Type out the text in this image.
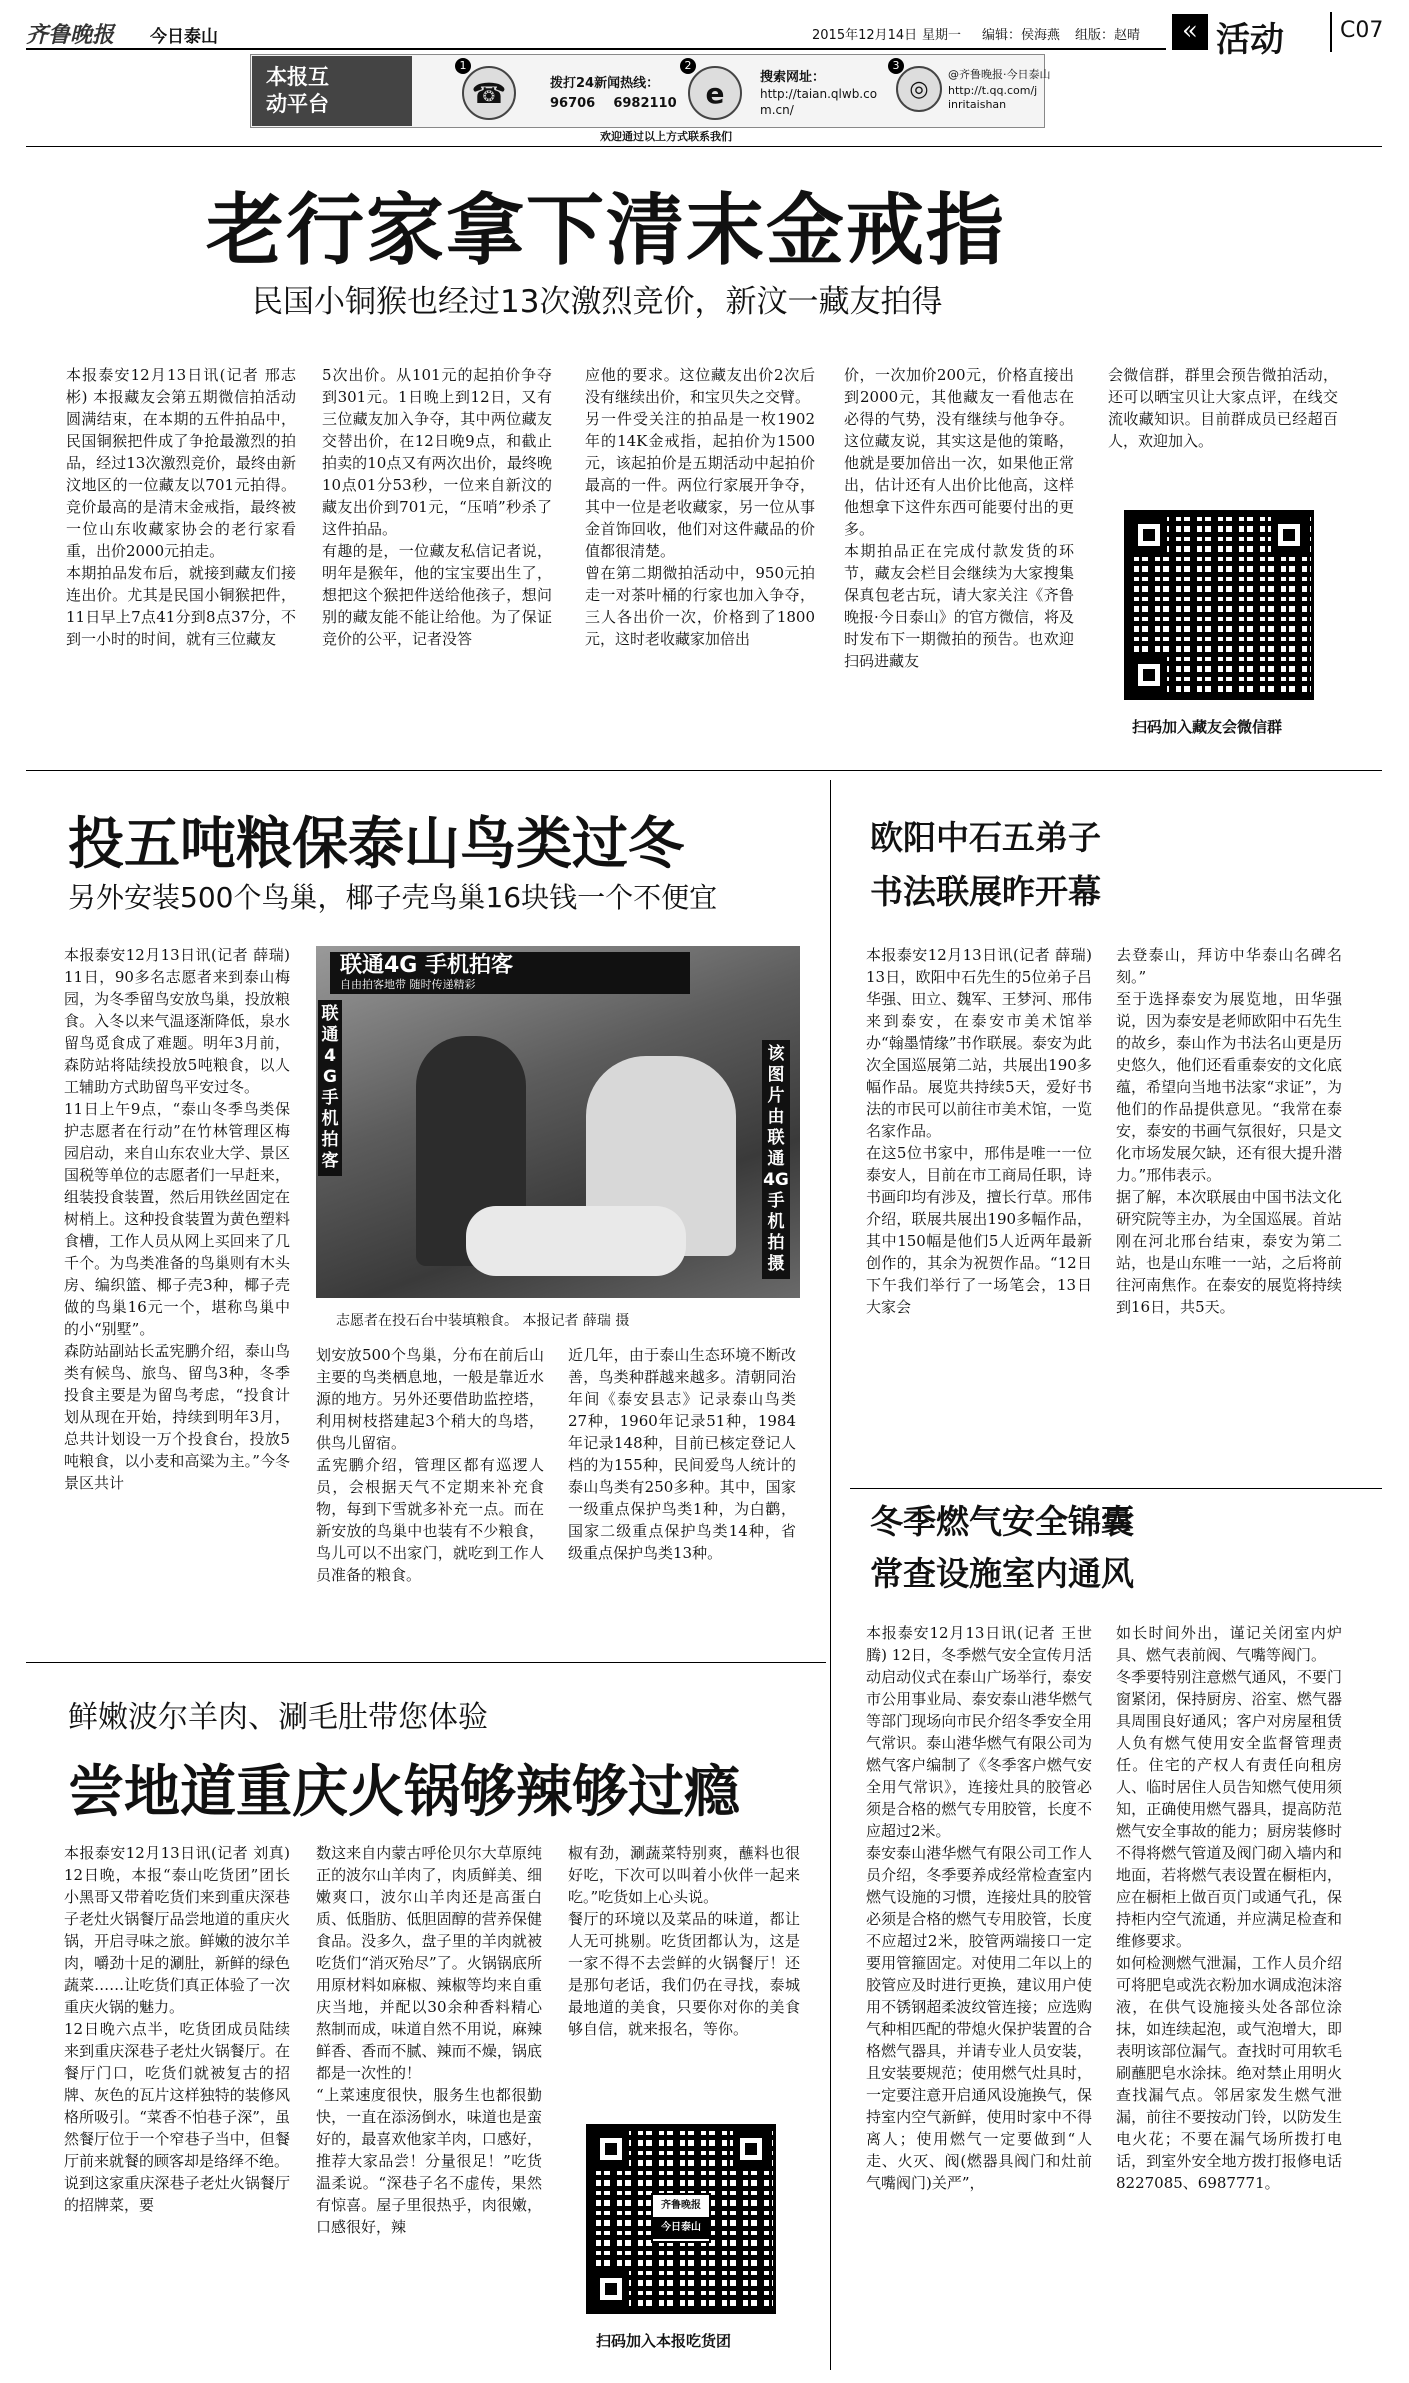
齐鲁晚报 今日泰山	2015年12月14日 星期一 编辑：侯海燕 组版：赵晴	« 活动	C07
本报互
动平台
1
☎	拨打24新闻热线：
96706    6982110
2
e	搜索网址：
http://taian.qlwb.com.cn/
3
◎
@齐鲁晚报·今日泰山
http://t.qq.com/jinritaishan
欢迎通过以上方式联系我们
老行家拿下清末金戒指
民国小铜猴也经过13次激烈竞价，新汶一藏友拍得
本报泰安12月13日讯(记者 邢志彬) 本报藏友会第五期微信拍活动圆满结束，在本期的五件拍品中，民国铜猴把件成了争抢最激烈的拍品，经过13次激烈竞价，最终由新汶地区的一位藏友以701元拍得。竞价最高的是清末金戒指，最终被一位山东收藏家协会的老行家看重，出价2000元拍走。
本期拍品发布后，就接到藏友们接连出价。尤其是民国小铜猴把件，11日早上7点41分到8点37分，不到一小时的时间，就有三位藏友
5次出价。从101元的起拍价争夺到301元。1日晚上到12日，又有三位藏友加入争夺，其中两位藏友交替出价，在12日晚9点，和截止拍卖的10点又有两次出价，最终晚10点01分53秒，一位来自新汶的藏友出价到701元，“压哨”秒杀了这件拍品。
有趣的是，一位藏友私信记者说，明年是猴年，他的宝宝要出生了，想把这个猴把件送给他孩子，想问别的藏友能不能让给他。为了保证竞价的公平，记者没答
应他的要求。这位藏友出价2次后没有继续出价，和宝贝失之交臂。
另一件受关注的拍品是一枚1902年的14K金戒指，起拍价为1500元，该起拍价是五期活动中起拍价最高的一件。两位行家展开争夺，其中一位是老收藏家，另一位从事金首饰回收，他们对这件藏品的价值都很清楚。
曾在第二期微拍活动中，950元拍走一对茶叶桶的行家也加入争夺，三人各出价一次，价格到了1800元，这时老收藏家加倍出
价，一次加价200元，价格直接出到2000元，其他藏友一看他志在必得的气势，没有继续与他争夺。这位藏友说，其实这是他的策略，他就是要加倍出一次，如果他正常出，估计还有人出价比他高，这样他想拿下这件东西可能要付出的更多。
本期拍品正在完成付款发货的环节，藏友会栏目会继续为大家搜集保真包老古玩，请大家关注《齐鲁晚报·今日泰山》的官方微信，将及时发布下一期微拍的预告。也欢迎扫码进藏友
会微信群，群里会预告微拍活动，还可以晒宝贝让大家点评，在线交流收藏知识。目前群成员已经超百人，欢迎加入。
扫码加入藏友会微信群
投五吨粮保泰山鸟类过冬
另外安装500个鸟巢，椰子壳鸟巢16块钱一个不便宜
本报泰安12月13日讯(记者 薛瑞) 11日，90多名志愿者来到泰山梅园，为冬季留鸟安放鸟巢，投放粮食。入冬以来气温逐渐降低，泉水留鸟觅食成了难题。明年3月前，森防站将陆续投放5吨粮食，以人工辅助方式助留鸟平安过冬。
11日上午9点，“泰山冬季鸟类保护志愿者在行动”在竹林管理区梅园启动，来自山东农业大学、景区国税等单位的志愿者们一早赶来，组装投食装置，然后用铁丝固定在树梢上。这种投食装置为黄色塑料食槽，工作人员从网上买回来了几千个。为鸟类准备的鸟巢则有木头房、编织篮、椰子壳3种，椰子壳做的鸟巢16元一个，堪称鸟巢中的小“别墅”。
森防站副站长孟宪鹏介绍，泰山鸟类有候鸟、旅鸟、留鸟3种，冬季投食主要是为留鸟考虑，“投食计划从现在开始，持续到明年3月，总共计划设一万个投食台，投放5吨粮食，以小麦和高粱为主。”今冬景区共计
联通4G 手机拍客
自由拍客地带 随时传递精彩
联通4G手机拍客
该图片由联通4G手机拍摄
志愿者在投石台中装填粮食。 本报记者 薛瑞 摄
划安放500个鸟巢，分布在前后山主要的鸟类栖息地，一般是靠近水源的地方。另外还要借助监控塔，利用树枝搭建起3个稍大的鸟塔，供鸟儿留宿。
孟宪鹏介绍，管理区都有巡逻人员，会根据天气不定期来补充食物，每到下雪就多补充一点。而在新安放的鸟巢中也装有不少粮食，鸟儿可以不出家门，就吃到工作人员准备的粮食。
近几年，由于泰山生态环境不断改善，鸟类种群越来越多。清朝同治年间《泰安县志》记录泰山鸟类27种，1960年记录51种，1984年记录148种，目前已核定登记人档的为155种，民间爱鸟人统计的泰山鸟类有250多种。其中，国家一级重点保护鸟类1种，为白鹳，国家二级重点保护鸟类14种，省级重点保护鸟类13种。
欧阳中石五弟子
书法联展昨开幕
本报泰安12月13日讯(记者 薛瑞) 13日，欧阳中石先生的5位弟子吕华强、田立、魏军、王梦河、邢伟来到泰安，在泰安市美术馆举办“翰墨情缘”书作联展。泰安为此次全国巡展第二站，共展出190多幅作品。展览共持续5天，爱好书法的市民可以前往市美术馆，一览名家作品。
在这5位书家中，邢伟是唯一一位泰安人，目前在市工商局任职，诗书画印均有涉及，擅长行草。邢伟介绍，联展共展出190多幅作品，其中150幅是他们5人近两年最新创作的，其余为祝贺作品。“12日下午我们举行了一场笔会，13日大家会
去登泰山，拜访中华泰山名碑名刻。”
至于选择泰安为展览地，田华强说，因为泰安是老师欧阳中石先生的故乡，泰山作为书法名山更是历史悠久，他们还看重泰安的文化底蕴，希望向当地书法家“求证”，为他们的作品提供意见。“我常在泰安，泰安的书画气氛很好，只是文化市场发展欠缺，还有很大提升潜力。”邢伟表示。
据了解，本次联展由中国书法文化研究院等主办，为全国巡展。首站刚在河北邢台结束，泰安为第二站，也是山东唯一一站，之后将前往河南焦作。在泰安的展览将持续到16日，共5天。
冬季燃气安全锦囊
常查设施室内通风
本报泰安12月13日讯(记者 王世腾) 12日，冬季燃气安全宣传月活动启动仪式在泰山广场举行，泰安市公用事业局、泰安泰山港华燃气等部门现场向市民介绍冬季安全用气常识。泰山港华燃气有限公司为燃气客户编制了《冬季客户燃气安全用气常识》，连接灶具的胶管必须是合格的燃气专用胶管，长度不应超过2米。
泰安泰山港华燃气有限公司工作人员介绍，冬季要养成经常检查室内燃气设施的习惯，连接灶具的胶管必须是合格的燃气专用胶管，长度不应超过2米，胶管两端接口一定要用管箍固定。对使用二年以上的胶管应及时进行更换，建议用户使用不锈钢超柔波纹管连接；应选购气种相匹配的带熄火保护装置的合格燃气器具，并请专业人员安装，且安装要规范；使用燃气灶具时，一定要注意开启通风设施换气，保持室内空气新鲜，使用时家中不得离人；使用燃气一定要做到“人走、火灭、阀(燃器具阀门和灶前气嘴阀门)关严”，
如长时间外出，谨记关闭室内炉具、燃气表前阀、气嘴等阀门。
冬季要特别注意燃气通风，不要门窗紧闭，保持厨房、浴室、燃气器具周围良好通风；客户对房屋租赁人负有燃气使用安全监督管理责任。住宅的产权人有责任向租房人、临时居住人员告知燃气使用须知，正确使用燃气器具，提高防范燃气安全事故的能力；厨房装修时不得将燃气管道及阀门砌入墙内和地面，若将燃气表设置在橱柜内，应在橱柜上做百页门或通气孔，保持柜内空气流通，并应满足检查和维修要求。
如何检测燃气泄漏，工作人员介绍可将肥皂或洗衣粉加水调成泡沫溶液，在供气设施接头处各部位涂抹，如连续起泡，或气泡增大，即表明该部位漏气。查找时可用软毛刷蘸肥皂水涂抹。绝对禁止用明火查找漏气点。邻居家发生燃气泄漏，前往不要按动门铃，以防发生电火花；不要在漏气场所拨打电话，到室外安全地方拨打报修电话8227085、6987771。
鲜嫩波尔羊肉、涮毛肚带您体验
尝地道重庆火锅够辣够过瘾
本报泰安12月13日讯(记者 刘真) 12日晚，本报“泰山吃货团”团长小黑哥又带着吃货们来到重庆深巷子老灶火锅餐厅品尝地道的重庆火锅，开启寻味之旅。鲜嫩的波尔羊肉，嚼劲十足的涮肚，新鲜的绿色蔬菜……让吃货们真正体验了一次重庆火锅的魅力。
12日晚六点半，吃货团成员陆续来到重庆深巷子老灶火锅餐厅。在餐厅门口，吃货们就被复古的招牌、灰色的瓦片这样独特的装修风格所吸引。“菜香不怕巷子深”，虽然餐厅位于一个窄巷子当中，但餐厅前来就餐的顾客却是络绎不绝。
说到这家重庆深巷子老灶火锅餐厅的招牌菜，要
数这来自内蒙古呼伦贝尔大草原纯正的波尔山羊肉了，肉质鲜美、细嫩爽口，波尔山羊肉还是高蛋白质、低脂肪、低胆固醇的营养保健食品。没多久，盘子里的羊肉就被吃货们“消灭殆尽”了。火锅锅底所用原材料如麻椒、辣椒等均来自重庆当地，并配以30余种香料精心熬制而成，味道自然不用说，麻辣鲜香、香而不腻、辣而不燥，锅底都是一次性的！
“上菜速度很快，服务生也都很勤快，一直在添汤倒水，味道也是蛮好的，最喜欢他家羊肉，口感好，推荐大家品尝！分量很足！”吃货温柔说。“深巷子名不虚传，果然有惊喜。屋子里很热乎，肉很嫩，口感很好，辣
椒有劲，涮蔬菜特别爽，蘸料也很好吃，下次可以叫着小伙伴一起来吃。”吃货如上心头说。
餐厅的环境以及菜品的味道，都让人无可挑剔。吃货团都认为，这是一家不得不去尝鲜的火锅餐厅！还是那句老话，我们仍在寻找，泰城最地道的美食，只要你对你的美食够自信，就来报名，等你。
齐鲁晚报
今日泰山
扫码加入本报吃货团
